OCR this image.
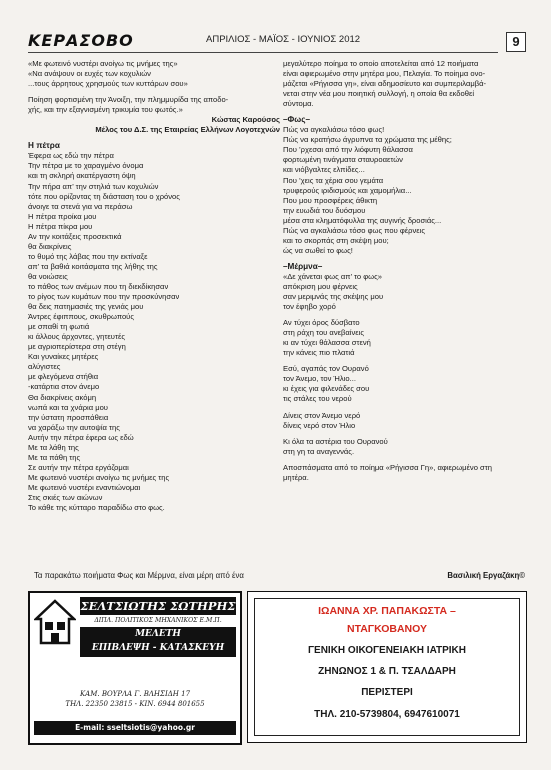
ΚΕΡΑΣΟΒΟ	ΑΠΡΙΛΙΟΣ - ΜΑΪΟΣ - ΙΟΥΝΙΟΣ 2012	9
«Με φωτεινό νυστέρι ανοίγω τις μνήμες της»
«Να ανάψουν οι ευχές των κοχυλιών
...τους άρρητους χρησμούς των κυττάρων σου»
Ποίηση φορτισμένη την Άνοιξη, την πλημμυρίδα της αποδο-
χής, και την εξαγνισμένη τρικυμία του φωτός.»
Κώστας Καρούσος
Μέλος του Δ.Σ. της Εταιρείας Ελλήνων Λογοτεχνών
Η πέτρα
Έφερα ως εδώ την πέτρα
Την πέτρα με το χαραγμένο όνομα
και τη σκληρή ακατέργαστη όψη
Την πήρα απ’ την στηλιά των κοχυλιών
τότε που ορίζοντας τη διάσταση του ο χρόνος
άνοιγε τα στενά για να περάσω
Η πέτρα προίκα μου
Η πέτρα πίκρα μου
Αν την κοιτάξεις προσεκτικά
θα διακρίνεις
το θυμό της λάβας που την εκτίναξε
απ’ τα βαθιά κοιτάσματα της λήθης της
θα νοιώσεις
το πάθος των ανέμων που τη διεκδίκησαν
το ρίγος των κυμάτων που την προσκύνησαν
θα δεις πατημασιές της γενιάς μου
Άντρες έφιππους, σκυθρωπούς
με σπαθί τη φωτιά
κι άλλους άρχοντες, γητευτές
με αγριοπερίστερα στη στέγη
Και γυναίκες μητέρες
αλύγιστες
με φλεγόμενα στήθια
-κατάρτια στον άνεμο
Θα διακρίνεις ακόμη
νωπά και τα χνάρια μου
την ύστατη προσπάθεια
να χαράξω την αυτοψία της
Αυτήν την πέτρα έφερα ως εδώ
Με τα λάθη της
Με τα πάθη της
Σε αυτήν την πέτρα εργάζομαι
Με φωτεινό νυστέρι ανοίγω τις μνήμες της
Με φωτεινό νυστέρι εναντιώνομαι
Στις σκιές των αιώνων
Το κάθε της κύτταρο παραδίδω στο φως.
μεγαλύτερο ποίημα το οποίο αποτελείται από 12 ποιήματα
είναι αφιερωμένο στην μητέρα μου, Πελαγία. Το ποίημα ονο-
μάζεται «Ρήγισσα γη», είναι αδημοσίευτο και συμπεριλαμβά-
νεται στην νέα μου ποιητική συλλογή, η οποία θα εκδοθεί
σύντομα.
–Φως–
Πώς να αγκαλιάσω τόσο φως!
Πώς να κρατήσω άγρυπνα τα χρώματα της μέθης;
Που ’ρχεσαι από την λιόφυτη θάλασσα
φορτωμένη τινάγματα σταυρoαετών
και νιόβγαλτες ελπίδες...
Που ’χεις τα χέρια σου γεμάτα
τρυφερούς ιριδισμούς και χαμομήλια...
Που μου προσφέρεις άθικτη
την ευωδιά του δυόσμου
μέσα στα κληματόφυλλα της αυγινής δροσιάς...
Πώς να αγκαλιάσω τόσο φως που φέρνεις
και το σκορπάς στη σκέψη μου;
ώς να σωθεί το φως!
–Μέρμνα–
«Δε χάνεται φως απ’ το φως»
απόκριση μου φέρνεις
σαν μεριμνάς της σκέψης μου
τον έφηβο χορό
Αν τύχει όρος δύσβατο
στη ράχη του ανεβαίνεις
κι αν τύχει θάλασσα στενή
την κάνεις πιο πλατιά
Εσύ, αγαπάς τον Ουρανό
τον Άνεμο, τον Ήλιο...
κι έχεις για φιλενάδες σου
τις στάλες του νερού
Δίνεις στον Άνεμο νερό
δίνεις νερό στον Ήλιο
Κι όλα τα αστέρια του Ουρανού
στη γη τα αναγεννάς.
Αποσπάσματα από το ποίημα «Ρήγισσα Γη», αφιερωμένο στη
μητέρα.
Τα παρακάτω ποιήματα Φως και Μέρμνα, είναι μέρη από ένα	Βασιλική Εργαζάκη©
ΣΕΛΤΣΙΩΤΗΣ ΣΩΤΗΡΗΣ
ΔΙΠΛ. ΠΟΛΙΤΙΚΟΣ ΜΗΧΑΝΙΚΟΣ Ε.Μ.Π.
ΜΕΛΕΤΗ
ΕΠΙΒΛΕΨΗ - ΚΑΤΑΣΚΕΥΗ
ΚΑΜ. ΒΟΥΡΛΑ Γ. ΒΛΗΣΙΔΗ 17
ΤΗΛ. 22350 23815 - ΚΙΝ. 6944 801655
E-mail: sseltsiotis@yahoo.gr
ΙΩΑΝΝΑ ΧΡ. ΠΑΠΑΚΩΣΤΑ –
ΝΤΑΓΚΟΒΑΝΟΥ
ΓΕΝΙΚΗ ΟΙΚΟΓΕΝΕΙΑΚΗ ΙΑΤΡΙΚΗ
ΖΗΝΩΝΟΣ 1 & Π. ΤΣΑΛΔΑΡΗ
ΠΕΡΙΣΤΕΡΙ
ΤΗΛ. 210-5739804, 6947610071
